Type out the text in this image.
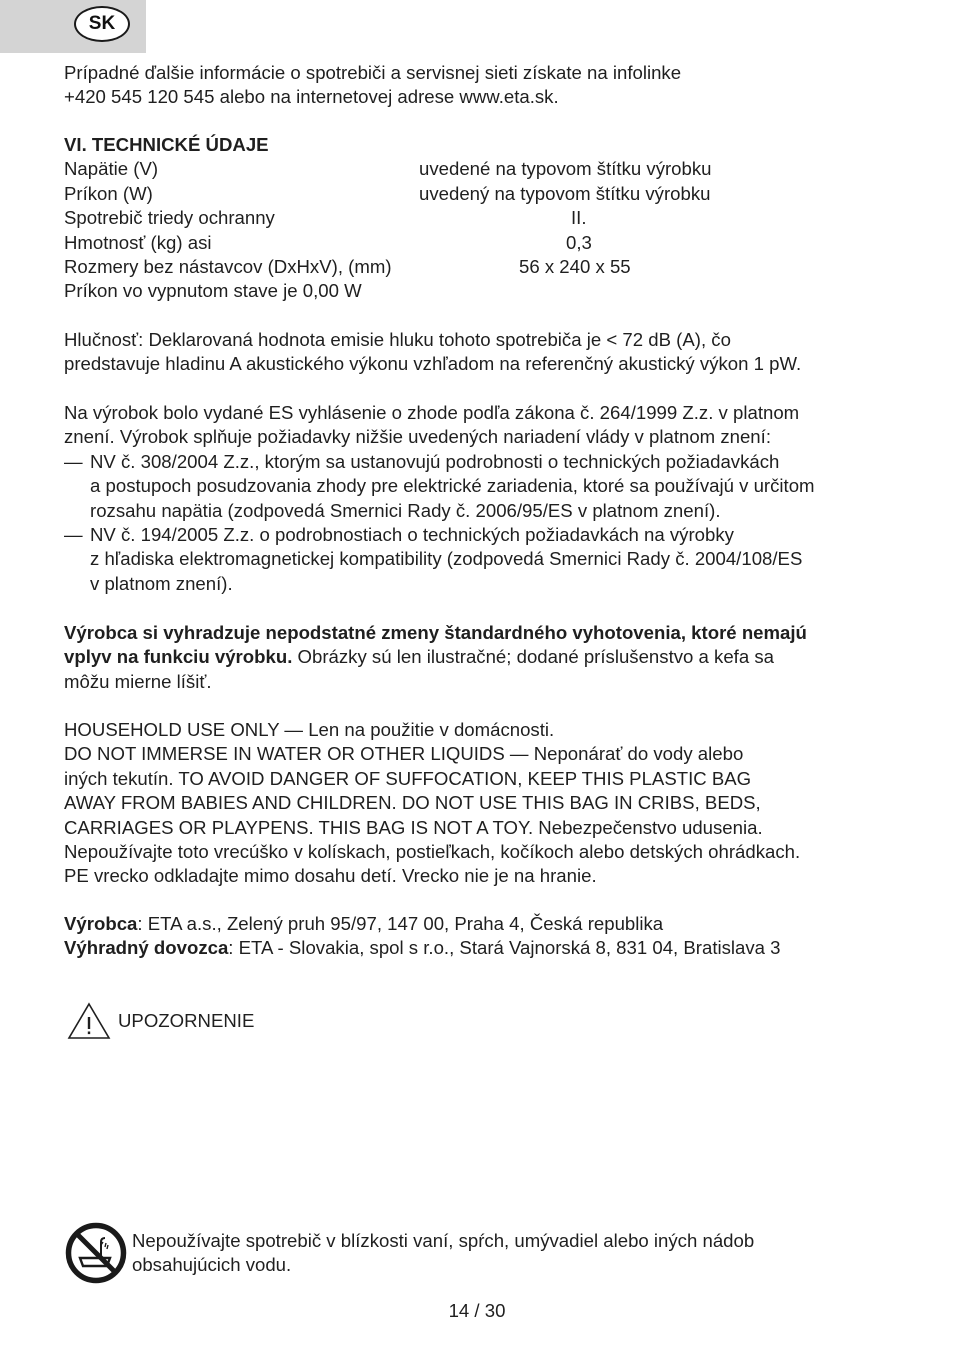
SK
Prípadné ďalšie informácie o spotrebiči a servisnej sieti získate na infolinke
+420 545 120 545 alebo na internetovej adrese www.eta.sk.
VI. TECHNICKÉ ÚDAJE
Napätie (V)	uvedené na typovom štítku výrobku
Príkon (W)	uvedený na typovom štítku výrobku
Spotrebič triedy ochranny	II.
Hmotnosť (kg) asi	0,3
Rozmery bez nástavcov (DxHxV), (mm)	56 x 240 x 55
Príkon vo vypnutom stave je 0,00 W
Hlučnosť: Deklarovaná hodnota emisie hluku tohoto spotrebiča je < 72 dB (A), čo
predstavuje hladinu A akustického výkonu vzhľadom na referenčný akustický výkon 1 pW.
Na výrobok bolo vydané ES vyhlásenie o zhode podľa zákona č. 264/1999 Z.z. v platnom
znení. Výrobok splňuje požiadavky nižšie uvedených nariadení vlády v platnom znení:
— NV č. 308/2004 Z.z., ktorým sa ustanovujú podrobnosti o technických požiadavkách
a postupoch posudzovania zhody pre elektrické zariadenia, ktoré sa používajú v určitom
rozsahu napätia (zodpovedá Smernici Rady č. 2006/95/ES v platnom znení).
— NV č. 194/2005 Z.z. o podrobnostiach o technických požiadavkách na výrobky
z hľadiska elektromagnetickej kompatibility (zodpovedá Smernici Rady č. 2004/108/ES
v platnom znení).
Výrobca si vyhradzuje nepodstatné zmeny štandardného vyhotovenia, ktoré nemajú
vplyv na funkciu výrobku. Obrázky sú len ilustračné; dodané príslušenstvo a kefa sa
môžu mierne líšiť.
HOUSEHOLD USE ONLY — Len na použitie v domácnosti.
DO NOT IMMERSE IN WATER OR OTHER LIQUIDS — Neponárať do vody alebo
iných tekutín. TO AVOID DANGER OF SUFFOCATION, KEEP THIS PLASTIC BAG
AWAY FROM BABIES AND CHILDREN. DO NOT USE THIS BAG IN CRIBS, BEDS,
CARRIAGES OR PLAYPENS. THIS BAG IS NOT A TOY. Nebezpečenstvo udusenia.
Nepoužívajte toto vrecúško v kolískach, postieľkach, kočíkoch alebo detských ohrádkach.
PE vrecko odkladajte mimo dosahu detí. Vrecko nie je na hranie.
Výrobca: ETA a.s., Zelený pruh 95/97, 147 00, Praha 4, Česká republika
Výhradný dovozca: ETA - Slovakia, spol s r.o., Stará Vajnorská 8, 831 04, Bratislava 3
UPOZORNENIE
Nepoužívajte spotrebič v blízkosti vaní, spŕch, umývadiel alebo iných nádob
obsahujúcich vodu.
14 / 30
